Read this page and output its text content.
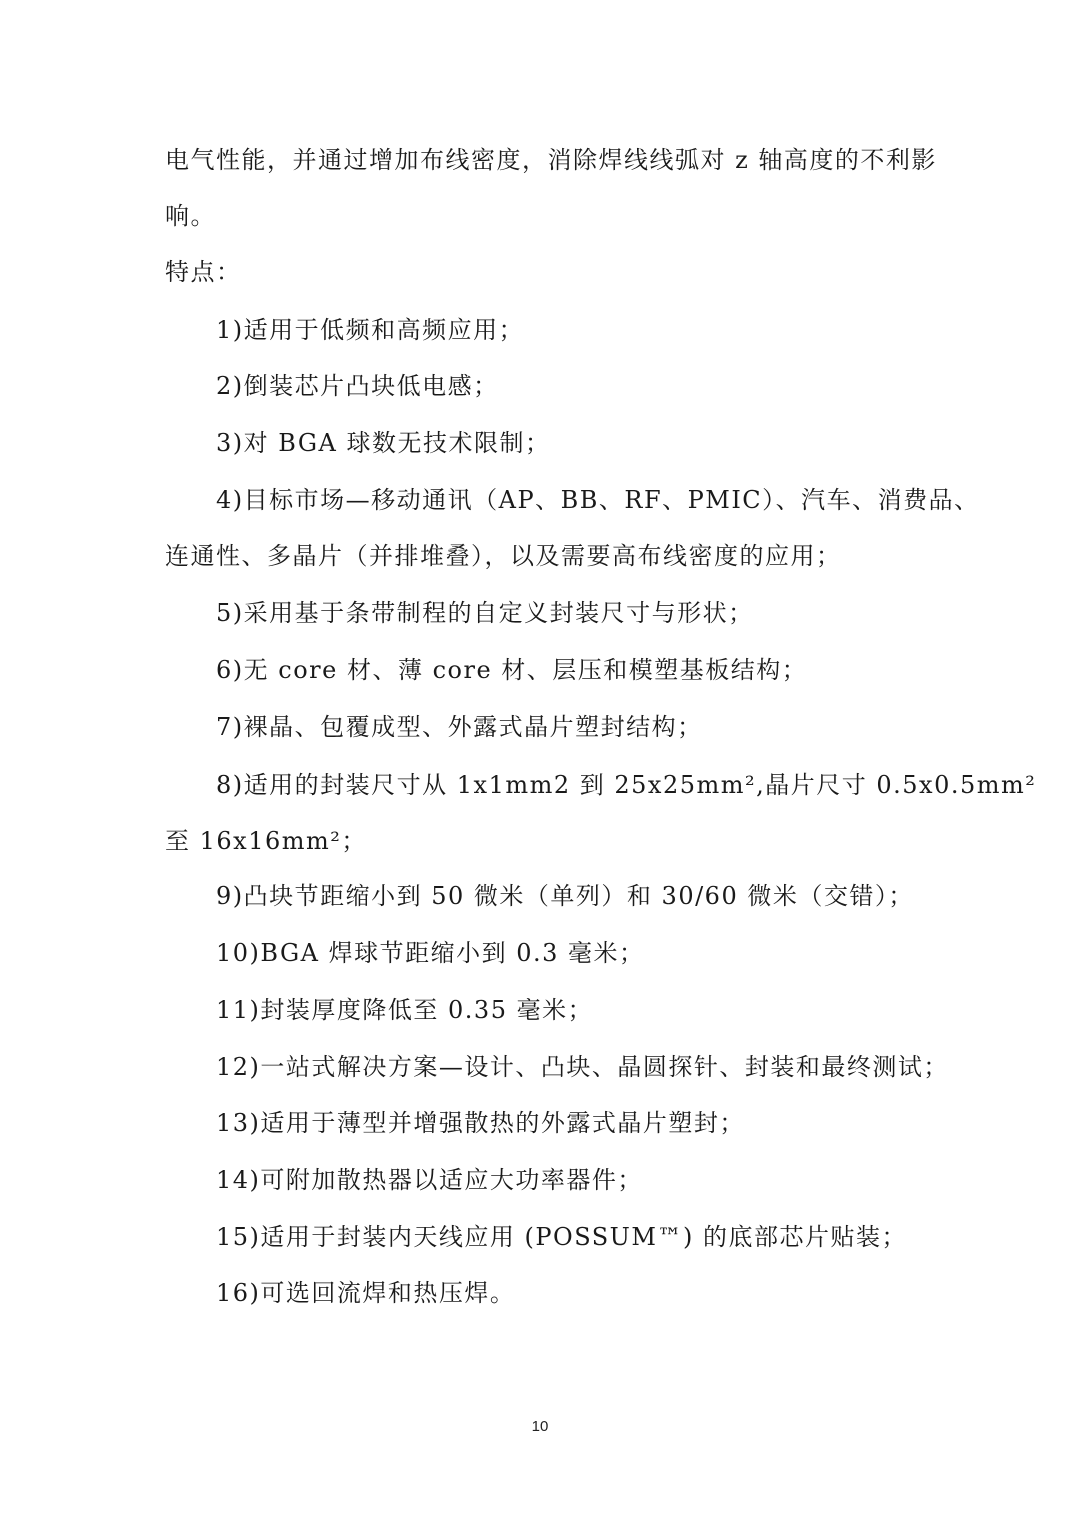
电气性能，并通过增加布线密度，消除焊线线弧对 z 轴高度的不利影
响。
特点：
1)适用于低频和高频应用；
2)倒装芯片凸块低电感；
3)对 BGA 球数无技术限制；
4)目标市场—移动通讯（AP、BB、RF、PMIC）、汽车、消费品、
连通性、多晶片（并排堆叠），以及需要高布线密度的应用；
5)采用基于条带制程的自定义封装尺寸与形状；
6)无 core 材、薄 core 材、层压和模塑基板结构；
7)裸晶、包覆成型、外露式晶片塑封结构；
8)适用的封装尺寸从 1x1mm2 到 25x25mm²,晶片尺寸 0.5x0.5mm²
至 16x16mm²；
9)凸块节距缩小到 50 微米（单列）和 30/60 微米（交错）；
10)BGA 焊球节距缩小到 0.3 毫米；
11)封装厚度降低至 0.35 毫米；
12)一站式解决方案—设计、凸块、晶圆探针、封装和最终测试；
13)适用于薄型并增强散热的外露式晶片塑封；
14)可附加散热器以适应大功率器件；
15)适用于封装内天线应用 (POSSUM™) 的底部芯片贴装；
16)可选回流焊和热压焊。
10
